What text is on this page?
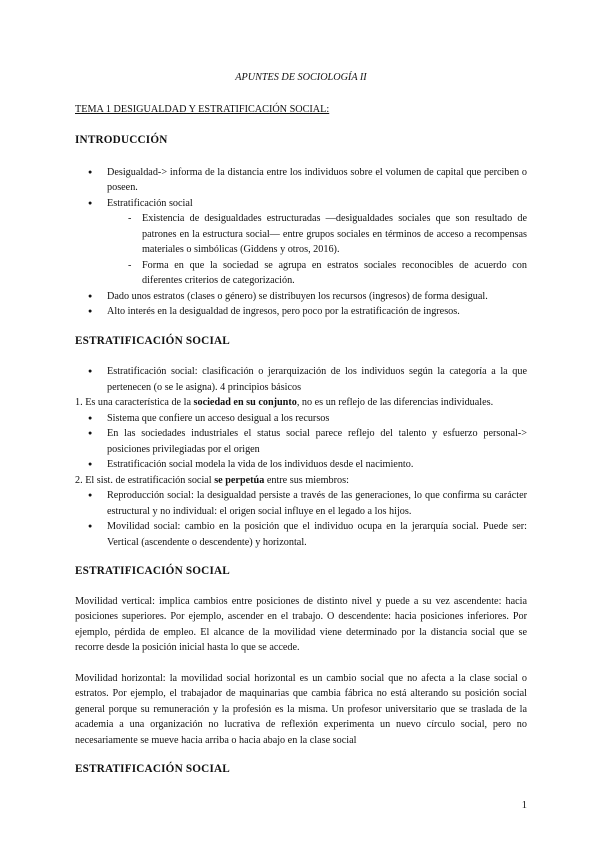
APUNTES DE SOCIOLOGÍA II
TEMA 1 DESIGUALDAD Y ESTRATIFICACIÓN SOCIAL:
INTRODUCCIÓN
● Desigualdad-> informa de la distancia entre los individuos sobre el volumen de capital que perciben o poseen.
● Estratificación social
- Existencia de desigualdades estructuradas —desigualdades sociales que son resultado de patrones en la estructura social— entre grupos sociales en términos de acceso a recompensas materiales o simbólicas (Giddens y otros, 2016).
- Forma en que la sociedad se agrupa en estratos sociales reconocibles de acuerdo con diferentes criterios de categorización.
● Dado unos estratos (clases o género) se distribuyen los recursos (ingresos) de forma desigual.
● Alto interés en la desigualdad de ingresos, pero poco por la estratificación de ingresos.
ESTRATIFICACIÓN SOCIAL
● Estratificación social: clasificación o jerarquización de los individuos según la categoría a la que pertenecen (o se le asigna). 4 principios básicos
1. Es una característica de la sociedad en su conjunto, no es un reflejo de las diferencias individuales.
● Sistema que confiere un acceso desigual a los recursos
● En las sociedades industriales el status social parece reflejo del talento y esfuerzo personal-> posiciones privilegiadas por el origen
● Estratificación social modela la vida de los individuos desde el nacimiento.
2. El sist. de estratificación social se perpetúa entre sus miembros:
● Reproducción social: la desigualdad persiste a través de las generaciones, lo que confirma su carácter estructural y no individual: el origen social influye en el legado a los hijos.
● Movilidad social: cambio en la posición que el individuo ocupa en la jerarquía social. Puede ser: Vertical (ascendente o descendente) y horizontal.
ESTRATIFICACIÓN SOCIAL

Movilidad vertical: implica cambios entre posiciones de distinto nivel y puede a su vez ascendente: hacia posiciones superiores. Por ejemplo, ascender en el trabajo. O descendente: hacia posiciones inferiores. Por ejemplo, pérdida de empleo. El alcance de la movilidad viene determinado por la distancia social que se recorre desde la posición inicial hasta lo que se accede.

Movilidad horizontal: la movilidad social horizontal es un cambio social que no afecta a la clase social o estratos. Por ejemplo, el trabajador de maquinarias que cambia fábrica no está alterando su posición social general porque su remuneración y la profesión es la misma. Un profesor universitario que se traslada de la academia a una organización no lucrativa de reflexión experimenta un nuevo círculo social, pero no necesariamente se mueve hacia arriba o hacia abajo en la clase social

ESTRATIFICACIÓN SOCIAL
1
